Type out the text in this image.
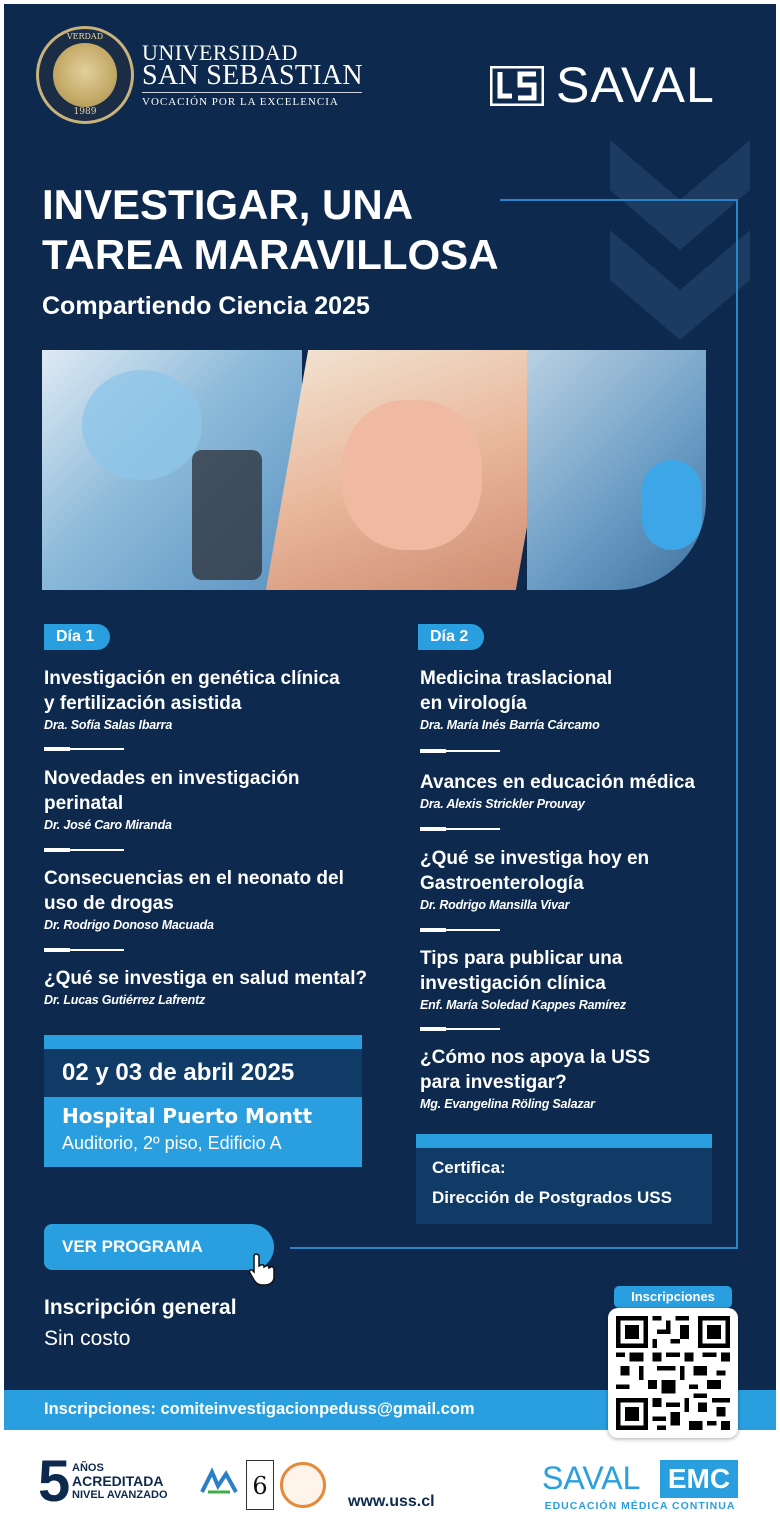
VERDAD
1989
UNIVERSIDAD
SAN SEBASTIAN
VOCACIÓN POR LA EXCELENCIA	SAVAL
INVESTIGAR, UNA
TAREA MARAVILLOSA
Compartiendo Ciencia 2025
Día 1
Investigación en genética clínica
y fertilización asistida
Dra. Sofía Salas Ibarra
Novedades en investigación
perinatal
Dr. José Caro Miranda
Consecuencias en el neonato del
uso de drogas
Dr. Rodrigo Donoso Macuada
¿Qué se investiga en salud mental?
Dr. Lucas Gutiérrez Lafrentz
Día 2
Medicina traslacional
en virología
Dra. María Inés Barría Cárcamo
Avances en educación médica
Dra. Alexis Strickler Prouvay
¿Qué se investiga hoy en
Gastroenterología
Dr. Rodrigo Mansilla Vivar
Tips para publicar una
investigación clínica
Enf. María Soledad Kappes Ramírez
¿Cómo nos apoya la USS
para investigar?
Mg. Evangelina Röling Salazar
02 y 03 de abril 2025
Hospital Puerto Montt
Auditorio, 2º piso, Edificio A
Certifica:
Dirección de Postgrados USS
VER PROGRAMA
Inscripción general
Sin costo
Inscripciones: comiteinvestigacionpeduss@gmail.com
Inscripciones
5 AÑOS
ACREDITADA
NIVEL AVANZADO	6
www.uss.cl
SAVAL EMC
EDUCACIÓN MÉDICA CONTINUA
